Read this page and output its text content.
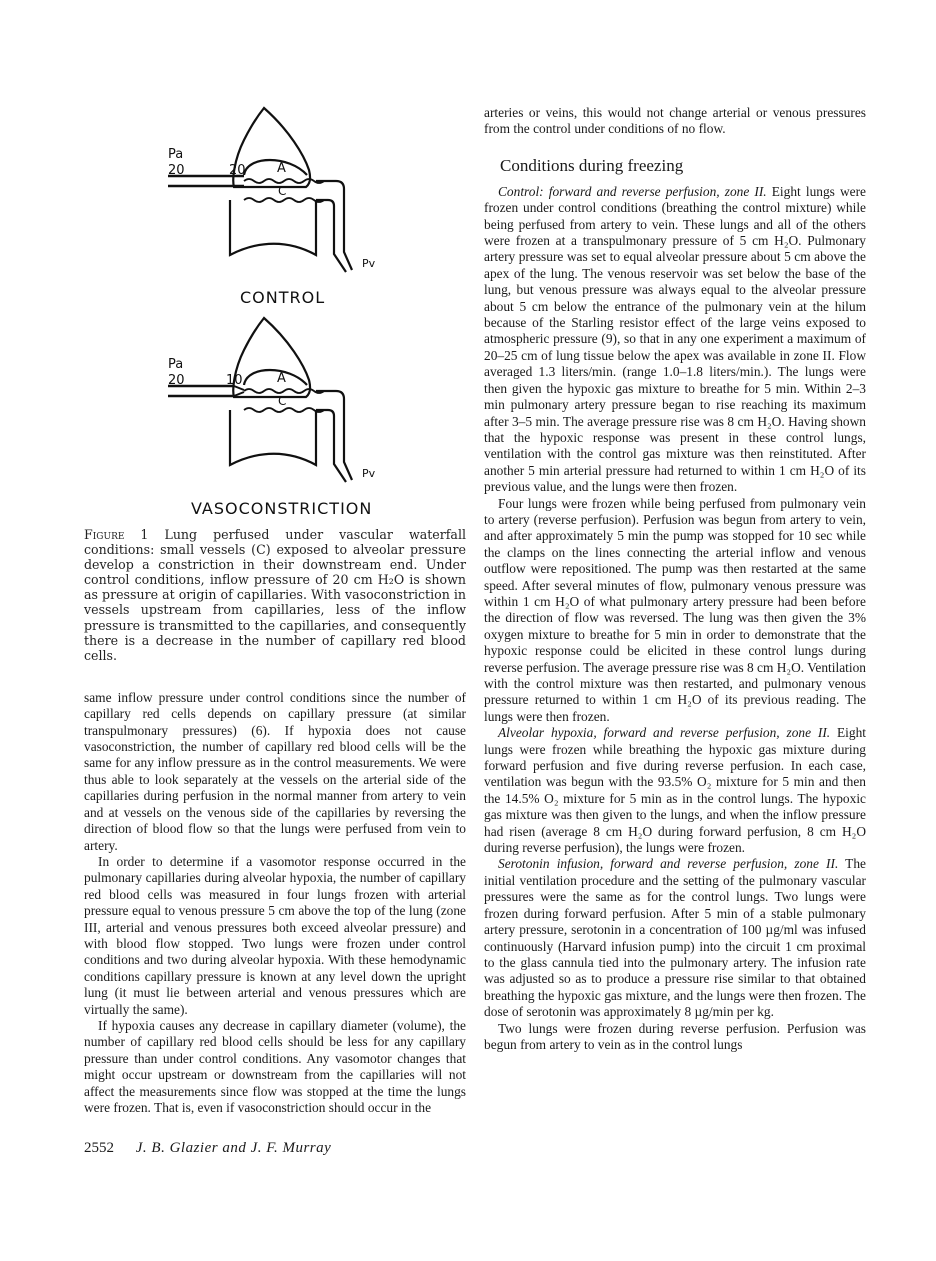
Pa
20	20 A
C
Pv
CONTROL
Pa
20	10	A
C
Pv
VASOCONSTRICTION
Figure 1 Lung perfused under vascular waterfall conditions: small vessels (C) exposed to alveolar pressure develop a constriction in their downstream end. Under control conditions, inflow pressure of 20 cm H₂O is shown as pressure at origin of capillaries. With vasoconstriction in vessels upstream from capillaries, less of the inflow pressure is transmitted to the capillaries, and consequently there is a decrease in the number of capillary red blood cells.

same inflow pressure under control conditions since the number of capillary red cells depends on capillary pressure (at similar transpulmonary pressures) (6). If hypoxia does not cause vasoconstriction, the number of capillary red blood cells will be the same for any inflow pressure as in the control measurements. We were thus able to look separately at the vessels on the arterial side of the capillaries during perfusion in the normal manner from artery to vein and at vessels on the venous side of the capillaries by reversing the direction of blood flow so that the lungs were perfused from vein to artery.

In order to determine if a vasomotor response occurred in the pulmonary capillaries during alveolar hypoxia, the number of capillary red blood cells was measured in four lungs frozen with arterial pressure equal to venous pressure 5 cm above the top of the lung (zone III, arterial and venous pressures both exceed alveolar pressure) and with blood flow stopped. Two lungs were frozen under control conditions and two during alveolar hypoxia. With these hemodynamic conditions capillary pressure is known at any level down the upright lung (it must lie between arterial and venous pressures which are virtually the same).

If hypoxia causes any decrease in capillary diameter (volume), the number of capillary red blood cells should be less for any capillary pressure than under control conditions. Any vasomotor changes that might occur upstream or downstream from the capillaries will not affect the measurements since flow was stopped at the time the lungs were frozen. That is, even if vasoconstriction should occur in the

arteries or veins, this would not change arterial or venous pressures from the control under conditions of no flow.

Conditions during freezing

Control: forward and reverse perfusion, zone II. Eight lungs were frozen under control conditions (breathing the control mixture) while being perfused from artery to vein. These lungs and all of the others were frozen at a transpulmonary pressure of 5 cm H₂O. Pulmonary artery pressure was set to equal alveolar pressure about 5 cm above the apex of the lung. The venous reservoir was set below the base of the lung, but venous pressure was always equal to the alveolar pressure about 5 cm below the entrance of the pulmonary vein at the hilum because of the Starling resistor effect of the large veins exposed to atmospheric pressure (9), so that in any one experiment a maximum of 20–25 cm of lung tissue below the apex was available in zone II. Flow averaged 1.3 liters/min. (range 1.0–1.8 liters/min.). The lungs were then given the hypoxic gas mixture to breathe for 5 min. Within 2–3 min pulmonary artery pressure began to rise reaching its maximum after 3–5 min. The average pressure rise was 8 cm H₂O. Having shown that the hypoxic response was present in these control lungs, ventilation with the control gas mixture was then reinstituted. After another 5 min arterial pressure had returned to within 1 cm H₂O of its previous value, and the lungs were then frozen.

Four lungs were frozen while being perfused from pulmonary vein to artery (reverse perfusion). Perfusion was begun from artery to vein, and after approximately 5 min the pump was stopped for 10 sec while the clamps on the lines connecting the arterial inflow and venous outflow were repositioned. The pump was then restarted at the same speed. After several minutes of flow, pulmonary venous pressure was within 1 cm H₂O of what pulmonary artery pressure had been before the direction of flow was reversed. The lung was then given the 3% oxygen mixture to breathe for 5 min in order to demonstrate that the hypoxic response could be elicited in these control lungs during reverse perfusion. The average pressure rise was 8 cm H₂O. Ventilation with the control mixture was then restarted, and pulmonary venous pressure returned to within 1 cm H₂O of its previous reading. The lungs were then frozen.

Alveolar hypoxia, forward and reverse perfusion, zone II. Eight lungs were frozen while breathing the hypoxic gas mixture during forward perfusion and five during reverse perfusion. In each case, ventilation was begun with the 93.5% O₂ mixture for 5 min and then the 14.5% O₂ mixture for 5 min as in the control lungs. The hypoxic gas mixture was then given to the lungs, and when the inflow pressure had risen (average 8 cm H₂O during forward perfusion, 8 cm H₂O during reverse perfusion), the lungs were frozen.

Serotonin infusion, forward and reverse perfusion, zone II. The initial ventilation procedure and the setting of the pulmonary vascular pressures were the same as for the control lungs. Two lungs were frozen during forward perfusion. After 5 min of a stable pulmonary artery pressure, serotonin in a concentration of 100 µg/ml was infused continuously (Harvard infusion pump) into the circuit 1 cm proximal to the glass cannula tied into the pulmonary artery. The infusion rate was adjusted so as to produce a pressure rise similar to that obtained breathing the hypoxic gas mixture, and the lungs were then frozen. The dose of serotonin was approximately 8 µg/min per kg.

Two lungs were frozen during reverse perfusion. Perfusion was begun from artery to vein as in the control lungs

2552 J. B. Glazier and J. F. Murray
